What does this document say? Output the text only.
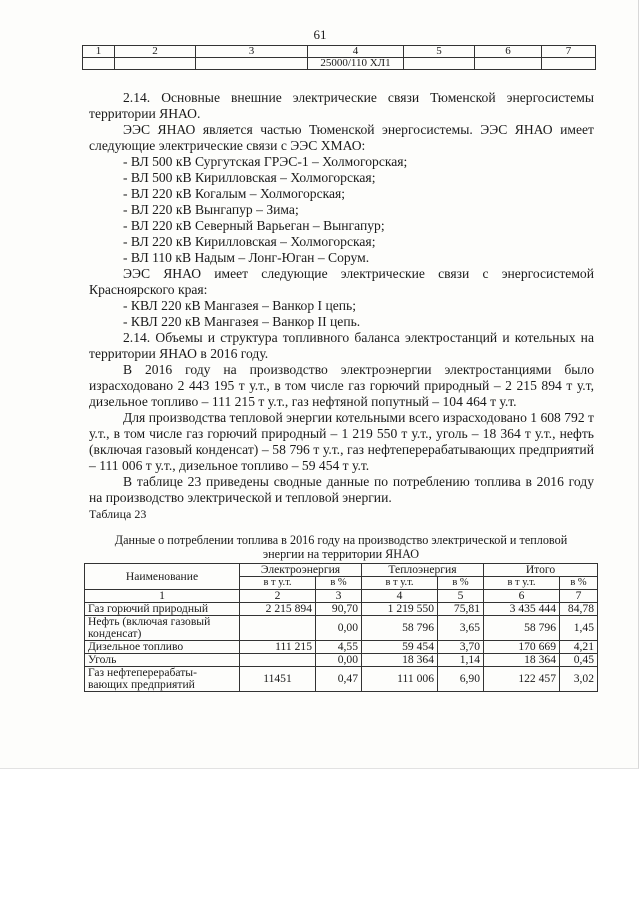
61
1	2	3	4	5	6	7
			25000/110 ХЛ1			

2.14. Основные внешние электрические связи Тюменской энергосистемы территории ЯНАО.

ЭЭС ЯНАО является частью Тюменской энергосистемы. ЭЭС ЯНАО имеет следующие электрические связи с ЭЭС ХМАО:

- ВЛ 500 кВ Сургутская ГРЭС-1 – Холмогорская;

- ВЛ 500 кВ Кирилловская – Холмогорская;

- ВЛ 220 кВ Когалым – Холмогорская;

- ВЛ 220 кВ Вынгапур – Зима;

- ВЛ 220 кВ Северный Варьеган – Вынгапур;

- ВЛ 220 кВ Кирилловская – Холмогорская;

- ВЛ 110 кВ Надым – Лонг-Юган – Сорум.

ЭЭС ЯНАО имеет следующие электрические связи с энергосистемой Красноярского края:

- КВЛ 220 кВ Мангазея – Ванкор I цепь;

- КВЛ 220 кВ Мангазея – Ванкор II цепь.

2.14. Объемы и структура топливного баланса электростанций и котельных на территории ЯНАО в 2016 году.

В 2016 году на производство электроэнергии электростанциями было израсходовано 2 443 195 т у.т., в том числе газ горючий природный – 2 215 894 т у.т, дизельное топливо – 111 215 т у.т., газ нефтяной попутный – 104 464 т у.т.

Для производства тепловой энергии котельными всего израсходовано 1 608 792 т у.т., в том числе газ горючий природный – 1 219 550 т у.т., уголь – 18 364 т у.т., нефть (включая газовый конденсат) – 58 796 т у.т., газ нефтеперерабатывающих предприятий – 111 006 т у.т., дизельное топливо – 59 454 т у.т.

В таблице 23 приведены сводные данные по потреблению топлива в 2016 году на производство электрической и тепловой энергии.

Таблица 23

Данные о потреблении топлива в 2016 году на производство электрической и тепловой энергии на территории ЯНАО
Наименование	Электроэнергия		Теплоэнергия		Итого	
	в т у.т.	в %	в т у.т.	в %	в т у.т.	в %
1	2	3	4	5	6	7
Газ горючий природный	2 215 894	90,70	1 219 550	75,81	3 435 444	84,78
Нефть (включая газовый конденсат)		0,00	58 796	3,65	58 796	1,45
Дизельное топливо	111 215	4,55	59 454	3,70	170 669	4,21
Уголь		0,00	18 364	1,14	18 364	0,45
Газ нефтеперерабаты-вающих предприятий	11451	0,47	111 006	6,90	122 457	3,02
